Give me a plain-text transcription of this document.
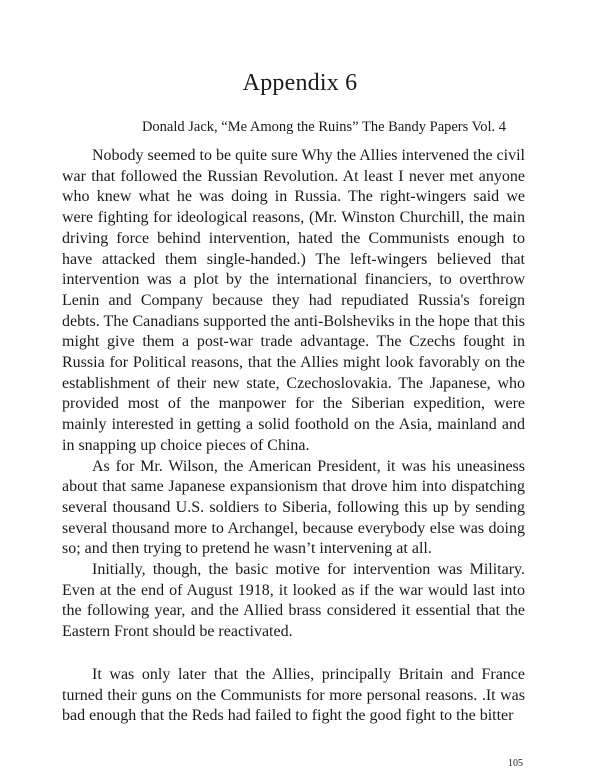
Appendix 6
Donald Jack, “Me Among the Ruins” The Bandy Papers Vol. 4

Nobody seemed to be quite sure Why the Allies intervened the civil war that followed the Russian Revolution. At least I never met anyone who knew what he was doing in Russia. The right-wingers said we were fighting for ideological reasons, (Mr. Winston Churchill, the main driving force behind intervention, hated the Communists enough to have attacked them single-handed.) The left-wingers believed that intervention was a plot by the international financiers, to overthrow Lenin and Company because they had repudiated Russia's foreign debts. The Canadians supported the anti-Bolsheviks in the hope that this might give them a post-war trade advantage. The Czechs fought in Russia for Political reasons, that the Allies might look favorably on the establishment of their new state, Czechoslovakia. The Japanese, who provided most of the manpower for the Siberian expedition, were mainly interested in getting a solid foothold on the Asia, mainland and in snapping up choice pieces of China.

As for Mr. Wilson, the American President, it was his uneasiness about that same Japanese expansionism that drove him into dispatching several thousand U.S. soldiers to Siberia, following this up by sending several thousand more to Archangel, because everybody else was doing so; and then trying to pretend he wasn’t intervening at all.

Initially, though, the basic motive for intervention was Military. Even at the end of August 1918, it looked as if the war would last into the following year, and the Allied brass considered it essential that the Eastern Front should be reactivated.

It was only later that the Allies, principally Britain and France turned their guns on the Communists for more personal reasons. .It was bad enough that the Reds had failed to fight the good fight to the bitter

105
